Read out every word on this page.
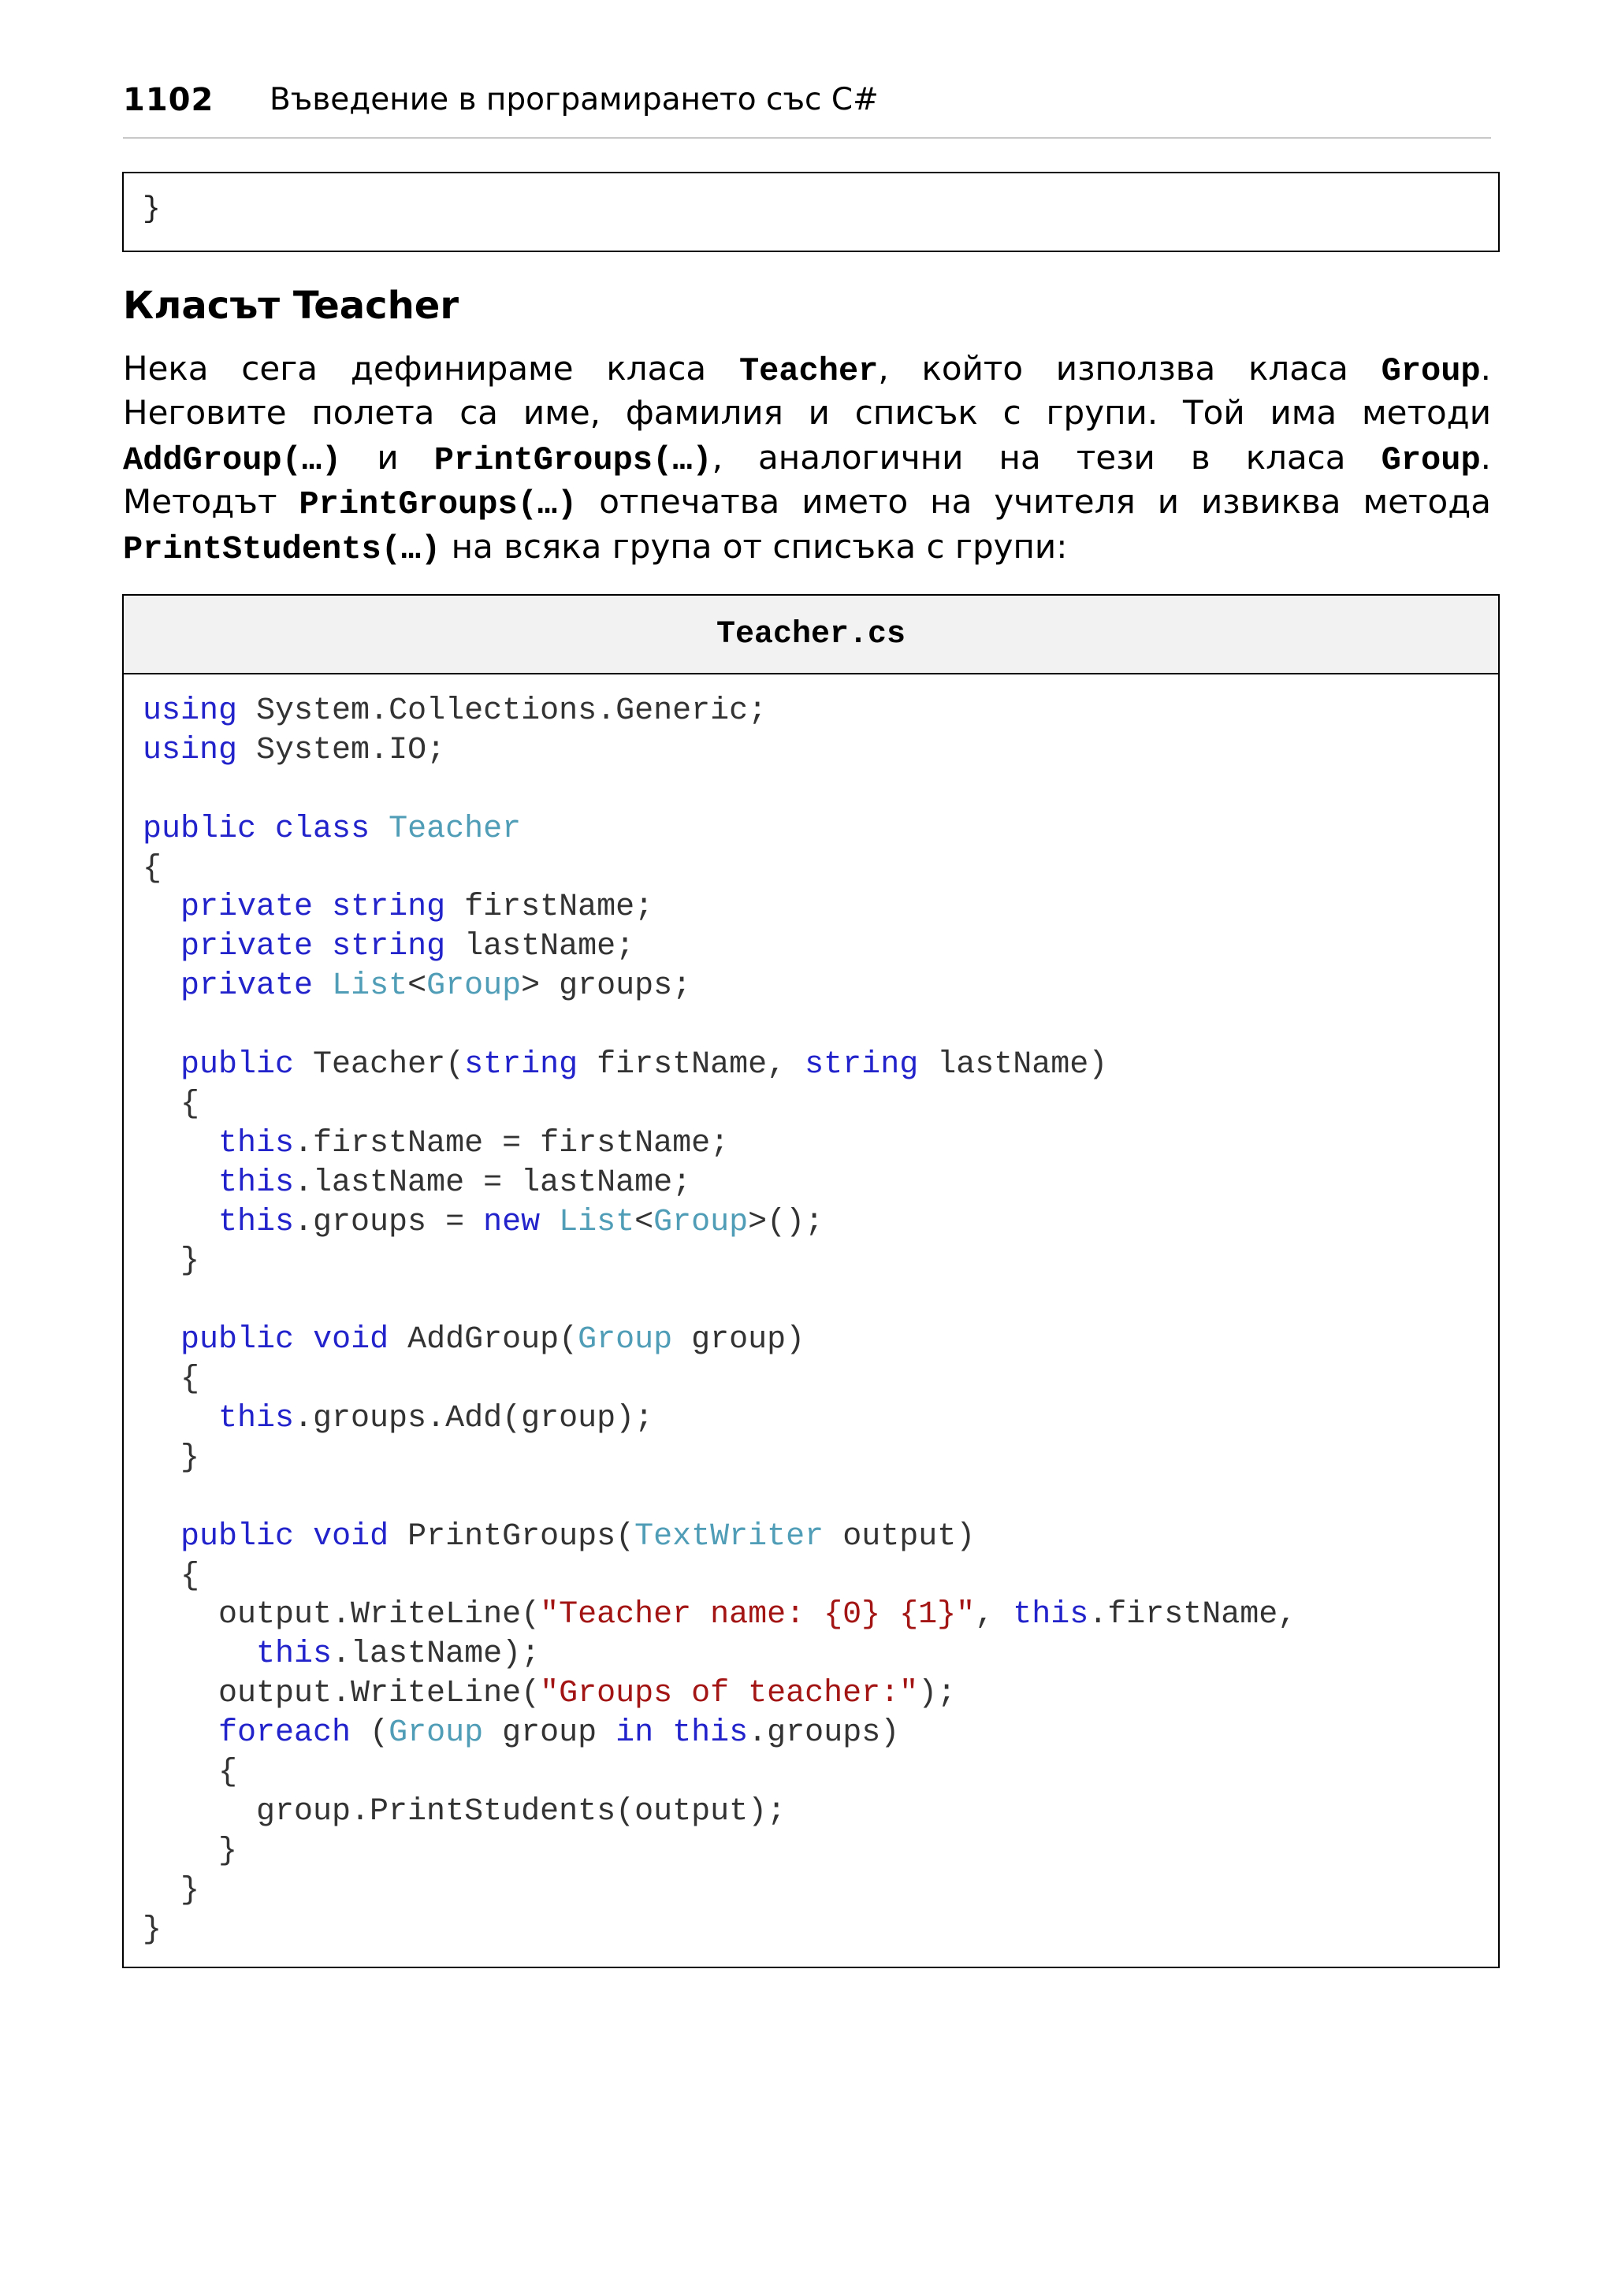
1102 Въведение в програмирането със C#
}
Класът Teacher
Нека сега дефинираме класа Teacher, който използва класа Group.
Неговите полета са име, фамилия и списък с групи. Той има методи
AddGroup(…) и PrintGroups(…), аналогични на тези в класа Group.
Методът PrintGroups(…) отпечатва името на учителя и извиква метода
PrintStudents(…) на всяка група от списъка с групи:
Teacher.cs
using System.Collections.Generic;
using System.IO;

public class Teacher
{
private string firstName;
private string lastName;
private List<Group> groups;

public Teacher(string firstName, string lastName)
{
this.firstName = firstName;
this.lastName = lastName;
this.groups = new List<Group>();
}

public void AddGroup(Group group)
{
this.groups.Add(group);
}

public void PrintGroups(TextWriter output)
{
output.WriteLine("Teacher name: {0} {1}", this.firstName,
this.lastName);
output.WriteLine("Groups of teacher:");
foreach (Group group in this.groups)
{
group.PrintStudents(output);
}
}
}
